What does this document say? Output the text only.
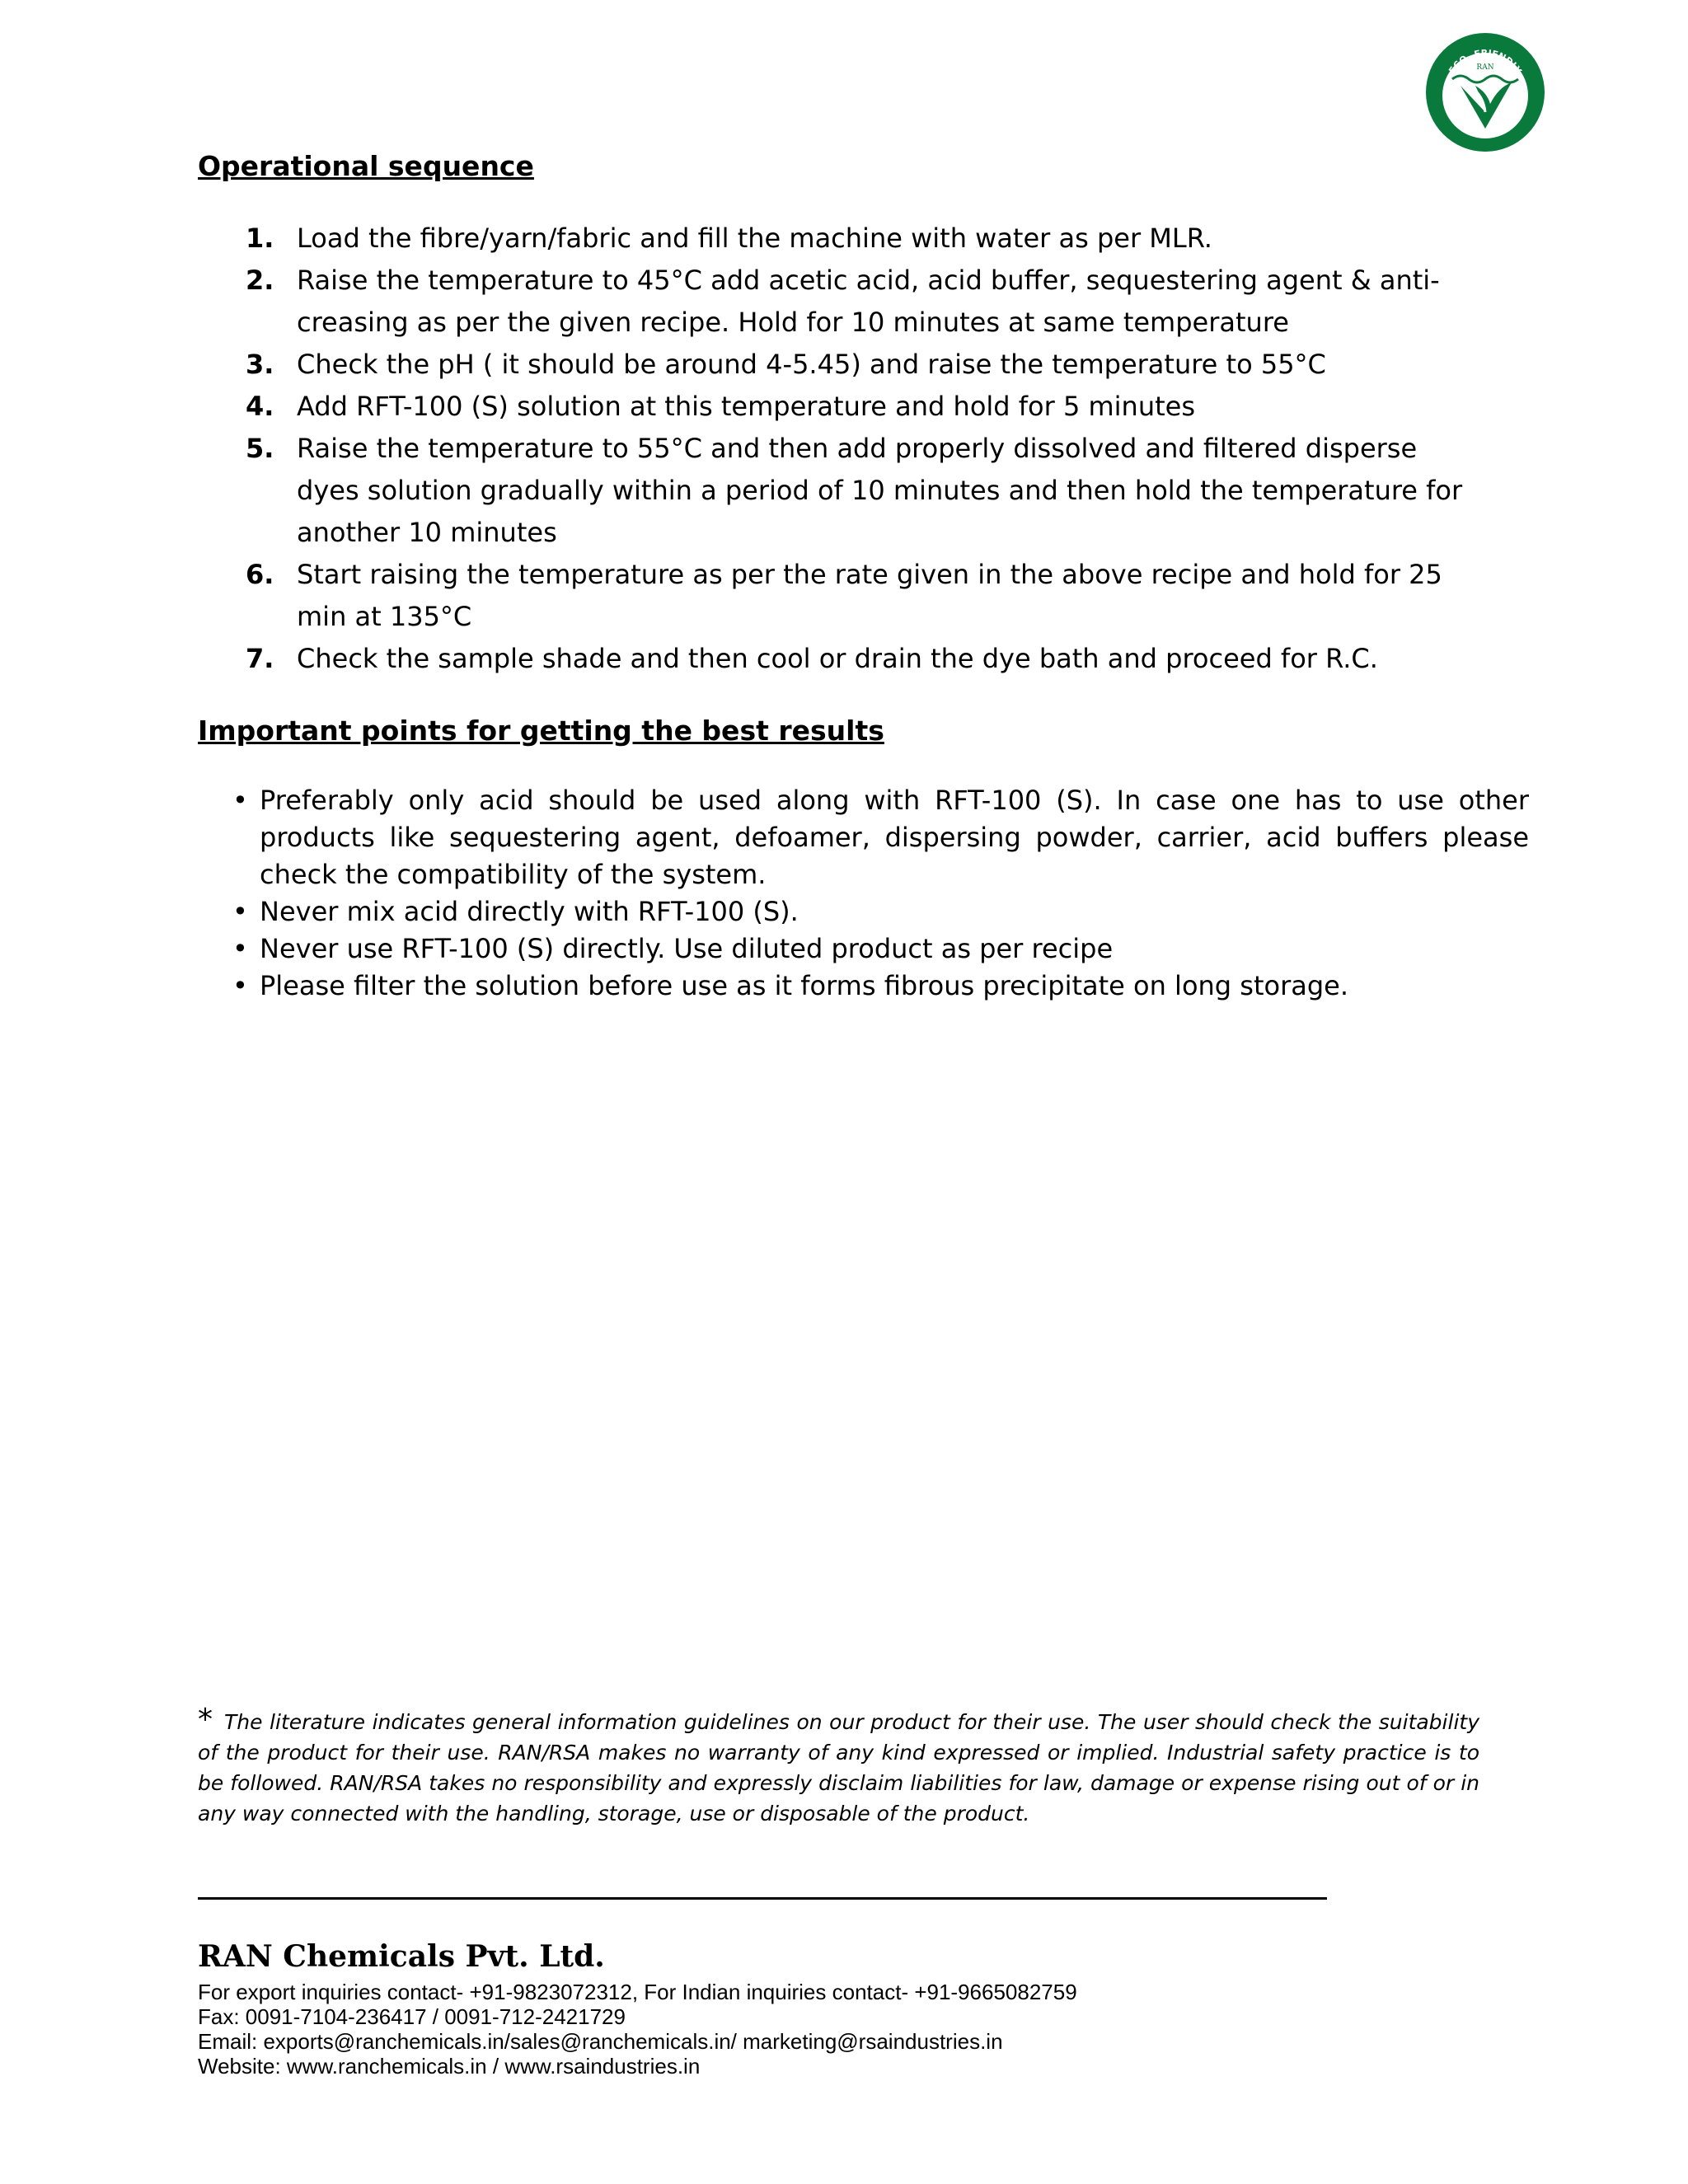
ECO- FRIENDLY
RAN
Operational sequence
1. Load the fibre/yarn/fabric and fill the machine with water as per MLR.
2. Raise the temperature to 45°C add acetic acid, acid buffer, sequestering agent & anti-creasing as per the given recipe. Hold for 10 minutes at same temperature
3. Check the pH ( it should be around 4-5.45) and raise the temperature to 55°C
4. Add RFT-100 (S) solution at this temperature and hold for 5 minutes
5. Raise the temperature to 55°C and then add properly dissolved and filtered disperse dyes solution gradually within a period of 10 minutes and then hold the temperature for another 10 minutes
6. Start raising the temperature as per the rate given in the above recipe and hold for 25 min at 135°C
7. Check the sample shade and then cool or drain the dye bath and proceed for R.C.
Important points for getting the best results
• Preferably only acid should be used along with RFT-100 (S). In case one has to use other products like sequestering agent, defoamer, dispersing powder, carrier, acid buffers please check the compatibility of the system.
• Never mix acid directly with RFT-100 (S).
• Never use RFT-100 (S) directly. Use diluted product as per recipe
• Please filter the solution before use as it forms fibrous precipitate on long storage.
* The literature indicates general information guidelines on our product for their use. The user should check the suitability of the product for their use. RAN/RSA makes no warranty of any kind expressed or implied. Industrial safety practice is to be followed. RAN/RSA takes no responsibility and expressly disclaim liabilities for law, damage or expense rising out of or in any way connected with the handling, storage, use or disposable of the product.
RAN Chemicals Pvt. Ltd.
For export inquiries contact- +91-9823072312, For Indian inquiries contact- +91-9665082759
Fax: 0091-7104-236417 / 0091-712-2421729
Email: exports@ranchemicals.in/sales@ranchemicals.in/ marketing@rsaindustries.in
Website: www.ranchemicals.in / www.rsaindustries.in
